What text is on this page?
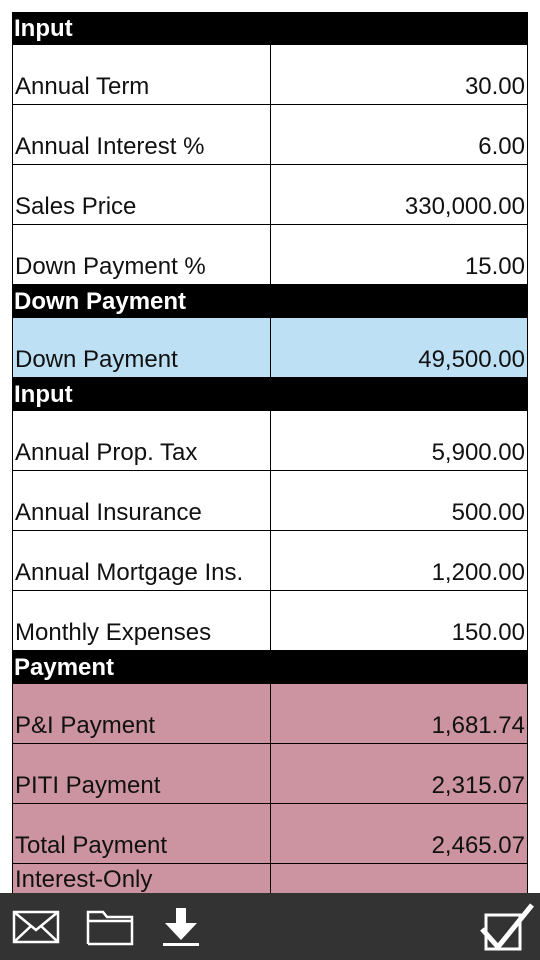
Input
Annual Term	30.00
Annual Interest %	6.00
Sales Price	330,000.00
Down Payment %	15.00
Down Payment
Down Payment	49,500.00
Input
Annual Prop. Tax	5,900.00
Annual Insurance	500.00
Annual Mortgage Ins.	1,200.00
Monthly Expenses	150.00
Payment
P&I Payment	1,681.74
PITI Payment	2,315.07
Total Payment	2,465.07
Interest-Only
